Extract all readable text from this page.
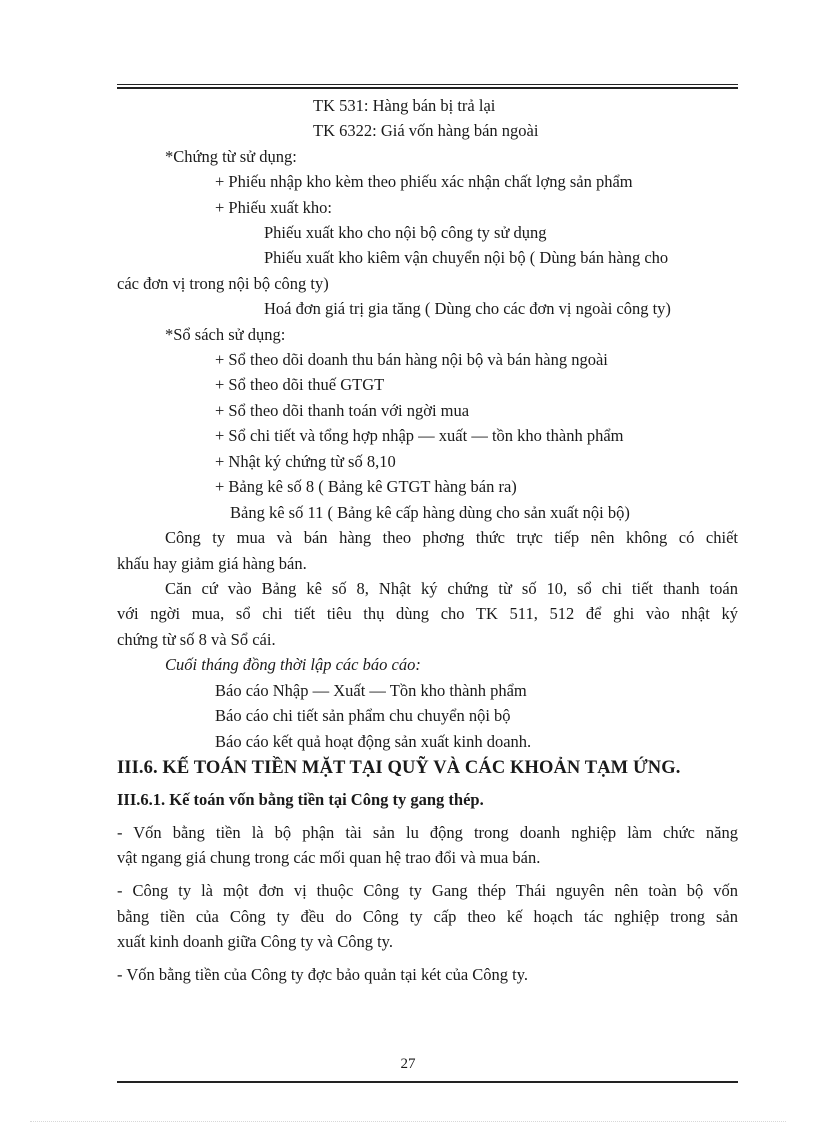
TK 531: Hàng bán bị trả lại
TK 6322: Giá vốn hàng bán ngoài
*Chứng từ sử dụng:
+ Phiếu nhập kho kèm theo phiếu xác nhận chất lợng sản phẩm
+ Phiếu xuất kho:
Phiếu xuất kho cho nội bộ công ty sử dụng
Phiếu xuất kho kiêm vận chuyển nội bộ ( Dùng bán hàng cho
các đơn vị trong nội bộ công ty)
Hoá đơn giá trị gia tăng ( Dùng cho các đơn vị ngoài công ty)
*Sổ sách sử dụng:
+ Sổ theo dõi doanh thu bán hàng nội bộ và bán hàng ngoài
+ Sổ theo dõi thuế GTGT
+ Sổ theo dõi thanh toán với ngời mua
+ Sổ chi tiết và tổng hợp nhập — xuất — tồn kho thành phẩm
+ Nhật ký chứng từ số 8,10
+ Bảng kê số 8 ( Bảng kê GTGT hàng bán ra)
Bảng kê số 11 ( Bảng kê cấp hàng dùng cho sản xuất nội bộ)
Công ty mua và bán hàng theo phơng thức trực tiếp nên không có chiết
khấu hay giảm giá hàng bán.
Căn cứ vào Bảng kê số 8, Nhật ký chứng từ số 10, sổ chi tiết thanh toán
với ngời mua, sổ chi tiết tiêu thụ dùng cho TK 511, 512 để ghi vào nhật ký
chứng từ số 8 và Sổ cái.
Cuối tháng đồng thời lập các báo cáo:
Báo cáo Nhập — Xuất — Tồn kho thành phẩm
Báo cáo chi tiết sản phẩm chu chuyển nội bộ
Báo cáo kết quả hoạt động sản xuất kinh doanh.
III.6. KẾ TOÁN TIỀN MẶT TẠI QUỸ VÀ CÁC KHOẢN TẠM ỨNG.
III.6.1. Kế toán vốn bằng tiền tại Công ty gang thép.
- Vốn bằng tiền là bộ phận tài sản lu động trong doanh nghiệp làm chức năng
vật ngang giá chung trong các mối quan hệ trao đổi và mua bán.
- Công ty là một đơn vị thuộc Công ty Gang thép Thái nguyên nên toàn bộ vốn
bằng tiền của Công ty đều do Công ty cấp theo kế hoạch tác nghiệp trong sản
xuất kinh doanh giữa Công ty và Công ty.
- Vốn bằng tiền của Công ty đợc bảo quản tại két của Công ty.
27
